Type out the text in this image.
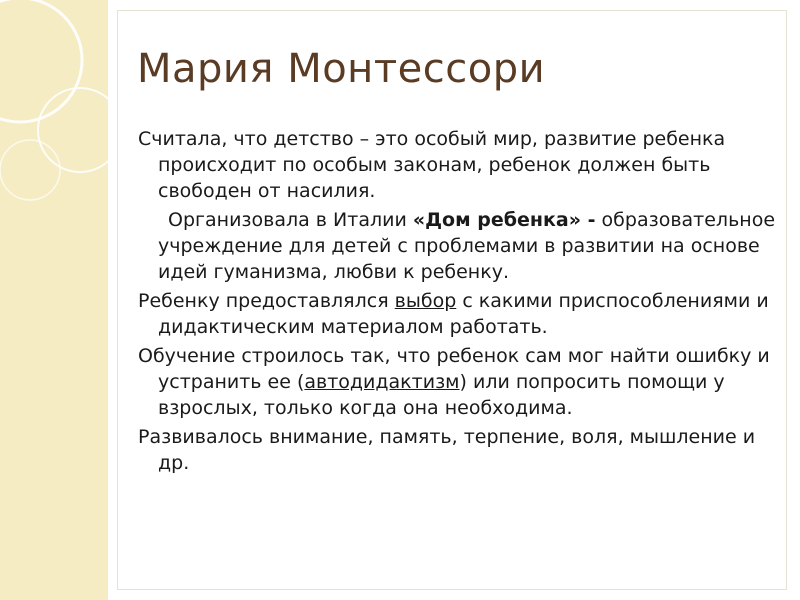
Мария Монтессори

Считала, что детство – это особый мир, развитие ребенка происходит по особым законам, ребенок должен быть свободен от насилия.

Организовала в Италии «Дом ребенка» - образовательное учреждение для детей с проблемами в развитии на основе идей гуманизма, любви к ребенку.

Ребенку предоставлялся выбор с какими приспособлениями и дидактическим материалом работать.

Обучение строилось так, что ребенок сам мог найти ошибку и устранить ее (автодидактизм) или попросить помощи у взрослых, только когда она необходима.

Развивалось внимание, память, терпение, воля, мышление и др.
